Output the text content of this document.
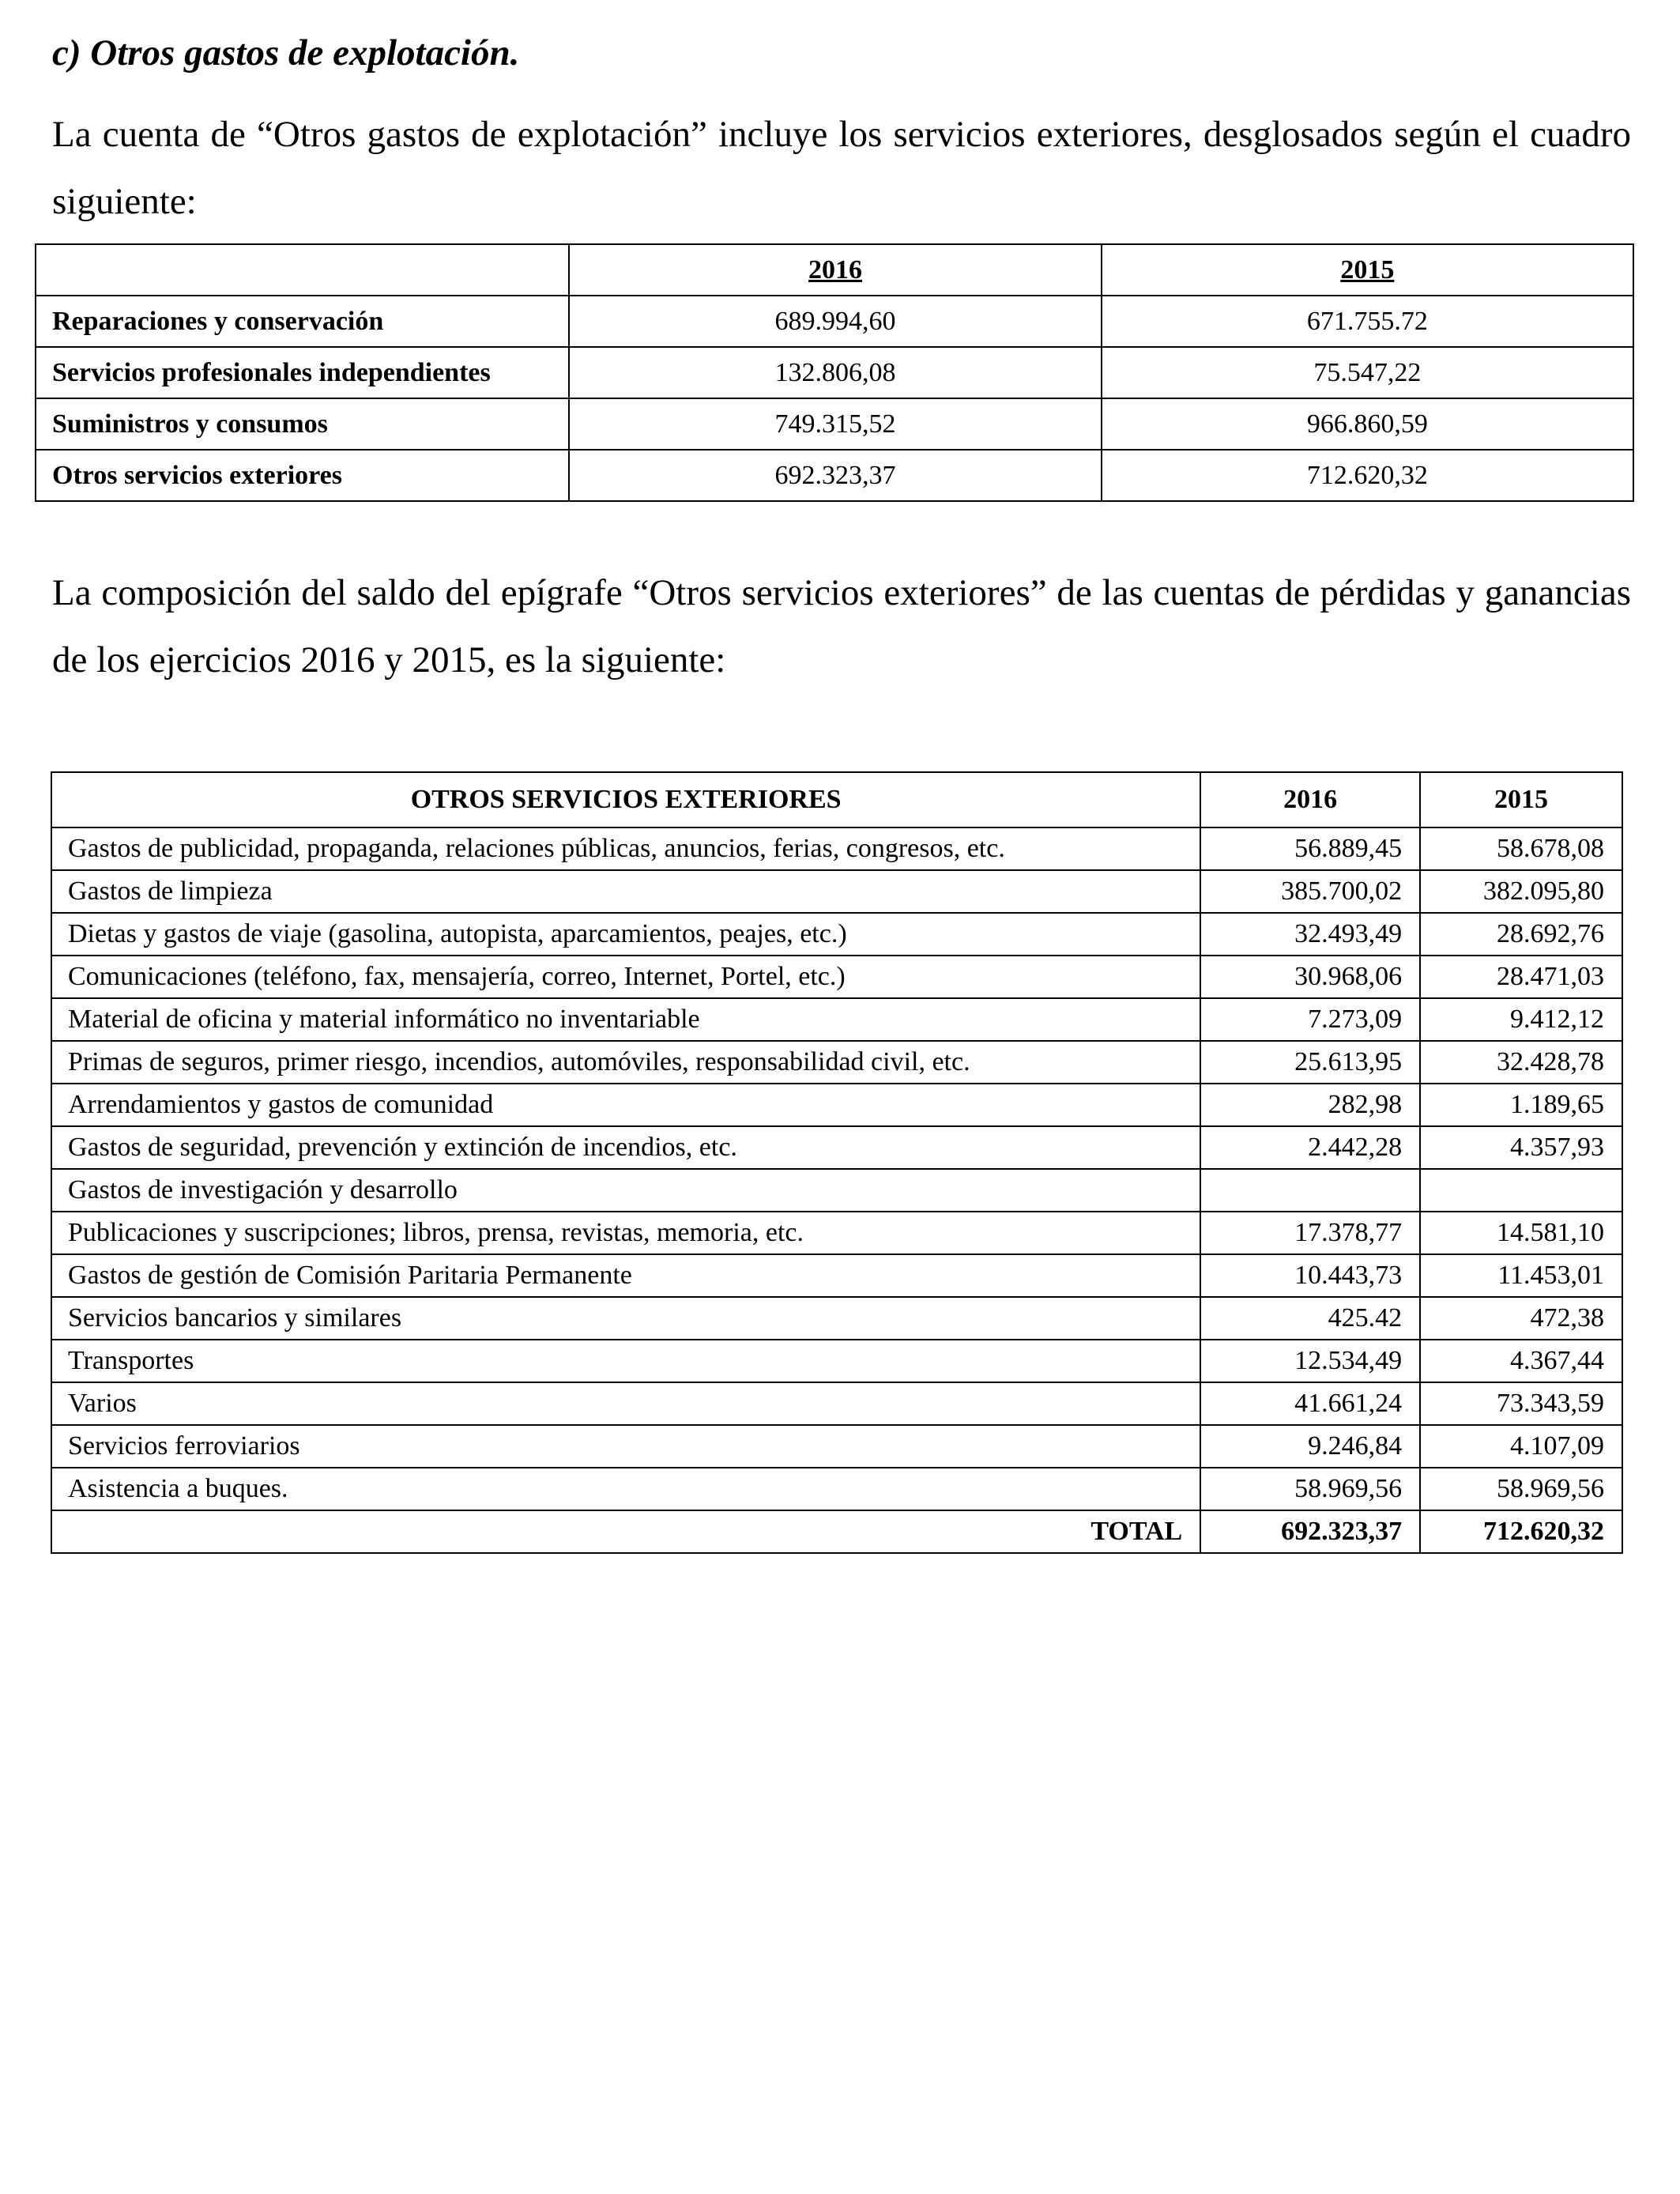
c) Otros gastos de explotación.

La cuenta de “Otros gastos de explotación” incluye los servicios exteriores, desglosados según el cuadro siguiente:

	2016	2015
Reparaciones y conservación	689.994,60	671.755.72
Servicios profesionales independientes	132.806,08	75.547,22
Suministros y consumos	749.315,52	966.860,59
Otros servicios exteriores	692.323,37	712.620,32

La composición del saldo del epígrafe “Otros servicios exteriores” de las cuentas de pérdidas y ganancias de los ejercicios 2016 y 2015, es la siguiente:

OTROS SERVICIOS EXTERIORES	2016	2015
Gastos de publicidad, propaganda, relaciones públicas, anuncios, ferias, congresos, etc.	56.889,45	58.678,08
Gastos de limpieza	385.700,02	382.095,80
Dietas y gastos de viaje (gasolina, autopista, aparcamientos, peajes, etc.)	32.493,49	28.692,76
Comunicaciones (teléfono, fax, mensajería, correo, Internet, Portel, etc.)	30.968,06	28.471,03
Material de oficina y material informático no inventariable	7.273,09	9.412,12
Primas de seguros, primer riesgo, incendios, automóviles, responsabilidad civil, etc.	25.613,95	32.428,78
Arrendamientos y gastos de comunidad	282,98	1.189,65
Gastos de seguridad, prevención y extinción de incendios, etc.	2.442,28	4.357,93
Gastos de investigación y desarrollo		
Publicaciones y suscripciones; libros, prensa, revistas, memoria, etc.	17.378,77	14.581,10
Gastos de gestión de Comisión Paritaria Permanente	10.443,73	11.453,01
Servicios bancarios y similares	425.42	472,38
Transportes	12.534,49	4.367,44
Varios	41.661,24	73.343,59
Servicios ferroviarios	9.246,84	4.107,09
Asistencia a buques.	58.969,56	58.969,56
TOTAL	692.323,37	712.620,32
